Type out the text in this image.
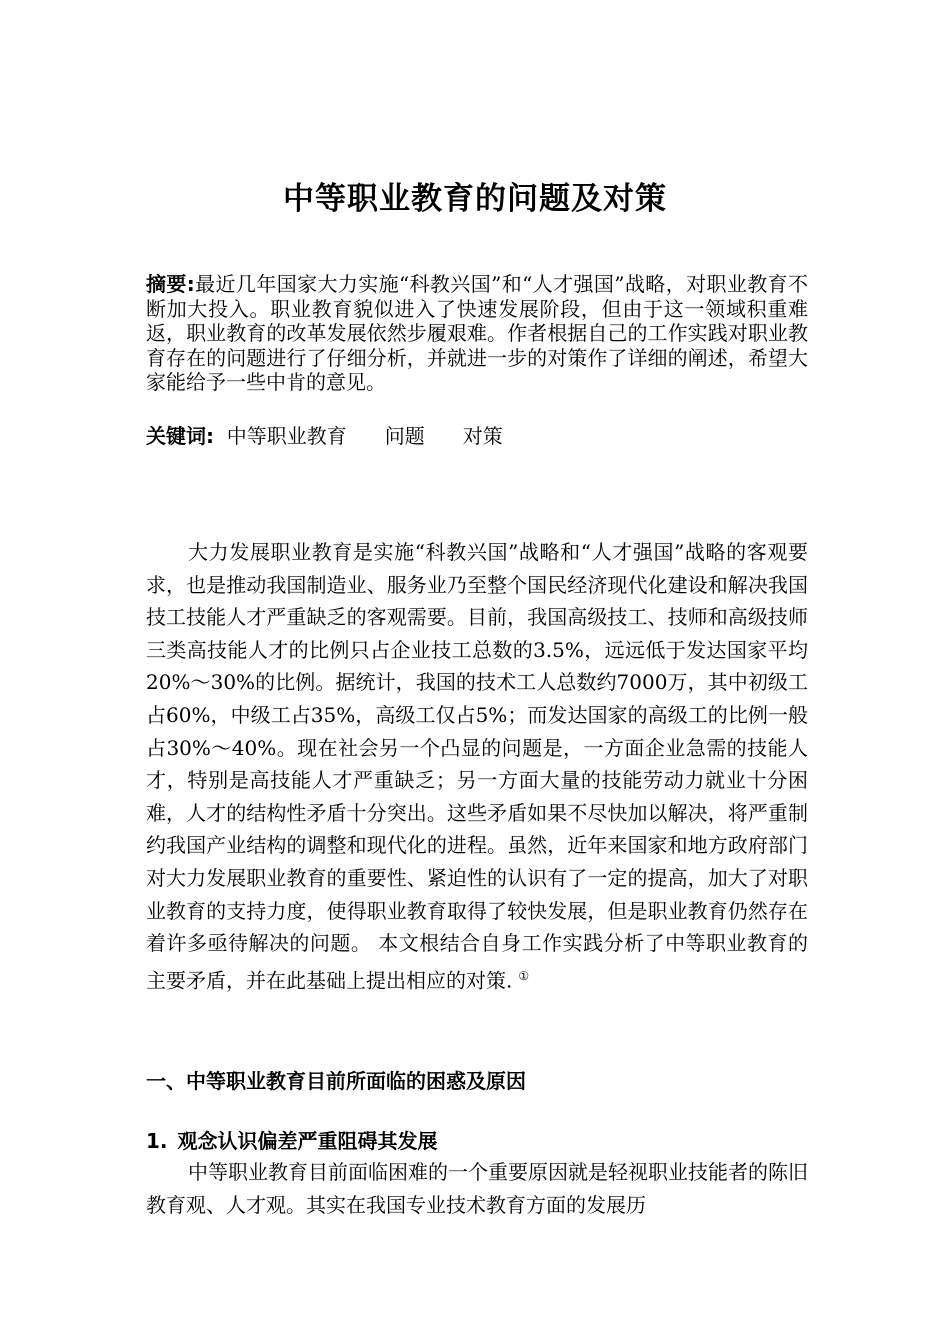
中等职业教育的问题及对策

摘要:最近几年国家大力实施“科教兴国”和“人才强国”战略，对职业教育不断加大投入。职业教育貌似进入了快速发展阶段，但由于这一领域积重难返，职业教育的改革发展依然步履艰难。作者根据自己的工作实践对职业教育存在的问题进行了仔细分析，并就进一步的对策作了详细的阐述，希望大家能给予一些中肯的意见。

关键词: 中等职业教育 问题 对策

大力发展职业教育是实施“科教兴国”战略和“人才强国”战略的客观要求，也是推动我国制造业、服务业乃至整个国民经济现代化建设和解决我国技工技能人才严重缺乏的客观需要。目前，我国高级技工、技师和高级技师三类高技能人才的比例只占企业技工总数的3.5%，远远低于发达国家平均20%～30%的比例。据统计，我国的技术工人总数约7000万，其中初级工占60%，中级工占35%，高级工仅占5%；而发达国家的高级工的比例一般占30%～40%。现在社会另一个凸显的问题是，一方面企业急需的技能人才，特别是高技能人才严重缺乏；另一方面大量的技能劳动力就业十分困难，人才的结构性矛盾十分突出。这些矛盾如果不尽快加以解决，将严重制约我国产业结构的调整和现代化的进程。虽然，近年来国家和地方政府部门对大力发展职业教育的重要性、紧迫性的认识有了一定的提高，加大了对职业教育的支持力度，使得职业教育取得了较快发展，但是职业教育仍然存在着许多亟待解决的问题。 本文根结合自身工作实践分析了中等职业教育的主要矛盾，并在此基础上提出相应的对策. ①

一、中等职业教育目前所面临的困惑及原因
1. 观念认识偏差严重阻碍其发展

中等职业教育目前面临困难的一个重要原因就是轻视职业技能者的陈旧教育观、人才观。其实在我国专业技术教育方面的发展历
